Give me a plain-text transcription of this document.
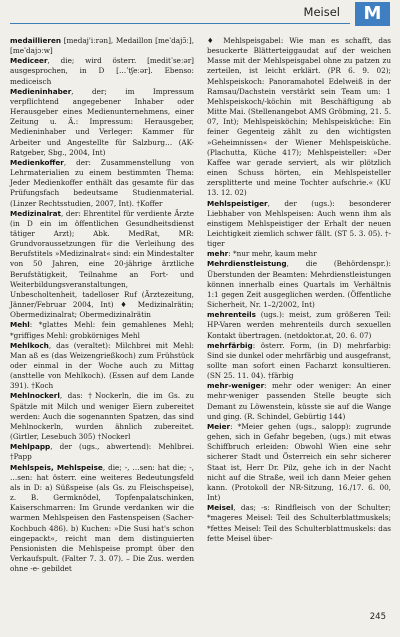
Meisel	M

medaillieren [medaj'iːrən], Medaillon [meˈdajɔ̃ː], [meˈdajɔːw]

Mediceer, die; wird österr. [meditˈseːər] ausgesprochen, in D […ˈtʃeːər]. Ebenso: mediceisch

Medieninhaber, der; im Impressum verpflichtend angegebener Inhaber oder Herausgeber eines Medienunternehmens, einer Zeitung u. Ä.: Impressum: Herausgeber, Medieninhaber und Verleger: Kammer für Arbeiter und Angestellte für Salzburg… (AK-Ratgeber, Sbg., 2004, Int)

Medienkoffer, der: Zusammenstellung von Lehrmaterialien zu einem bestimmten Thema: Jeder Medienkoffer enthält das gesamte für das Prüfungsfach bedeutsame Studienmaterial. (Linzer Rechtsstudien, 2007, Int). †Koffer

Medizinalrat, der: Ehrentitel für verdiente Ärzte (in D ein im öffentlichen Gesundheitsdienst tätiger Arzt); Abk. MedRat, MR: Grundvoraussetzungen für die Verleihung des Berufstitels »Medizinalrat« sind: ein Mindestalter von 50 Jahren, eine 20-jährige ärztliche Berufstätigkeit, Teilnahme an Fort- und Weiterbildungsveranstaltungen, Unbescholtenheit, tadelloser Ruf (Ärztezeitung, Jänner/Februar 2004, Int) ♦ Medizinalrätin; Obermedizinalrat; Obermedizinalrätin

Mehl: *glattes Mehl: fein gemahlenes Mehl; *griffiges Mehl: grobkörniges Mehl

Mehlkoch, das (veraltet): Milchbrei mit Mehl: Man aß es (das Weizengrießkoch) zum Frühstück oder einmal in der Woche auch zu Mittag (ansttelle von Mehlkoch). (Essen auf dem Lande 391). †Koch

Mehlnockerl, das: †Nockerln, die im Gs. zu Spätzle mit Milch und weniger Eiern zubereitet werden: Auch die sogenannten Spatzen, das sind Mehlnockerln, wurden ähnlich zubereitet. (Girtler, Lesebuch 305) †Nockerl

Mehlpapp, der (ugs., abwertend): Mehlbrei. †Papp

Mehlspeis, Mehlspeise, die; -, …sen: hat die; -, …sen: hat österr. eine weiteres Bedeutungsfeld als in D: a) Süßspeise (als Gs. zu Fleischspeise), z. B. Germknödel, Topfenpalatschinken, Kaiserschmarren: Im Grunde verdanken wir die warmen Mehlspeisen den Fastenspeisen (Sacher-Kochbuch 486). b) Kuchen: »Die Susi hat's schon eingepackt«, reicht man dem distinguierten Pensionisten die Mehlspeise prompt über den Verkaufspult. (Falter 7. 3. 07). – Die Zus. werden ohne -e- gebildet

♦ Mehlspeisgabel: Wie man es schafft, das besuckerte Blätterteiggaudat auf der weichen Masse mit der Mehlspeisgabel ohne zu patzen zu zerteilen, ist leicht erklärt. (PR 6. 9. 02); Mehlspeiskoch: Panoramahotel Edelweiß in der Ramsau/Dachstein verstärkt sein Team um: 1 Mehlspeiskoch/-köchin mit Beschäftigung ab Mitte Mai. (Stellenangebot AMS Gröbming, 21. 5. 07, Int); Mehlspeisköchin; Mehlspeisküche: Ein feiner Gegenteig zählt zu den wichtigsten »Geheimnissen« der Wiener Mehlspeisküche. (Plachutta, Küche 417); Mehlspeisteller: »Der Kaffee war gerade serviert, als wir plötzlich einen Schuss hörten, ein Mehlspeisteller zersplitterte und meine Tochter aufschrie.« (KU 13. 12. 02)

Mehlspeistiger, der (ugs.): besonderer Liebhaber von Mehlspeisen: Auch wenn ihm als einstigem Mehlspeistiger der Erhalt der neuen Leichtigkeit ziemlich schwer fällt. (ST 5. 3. 05). †-tiger

mehr: *nur mehr, kaum mehr

Mehrdienstleistung, die (Behördenspr.): Überstunden der Beamten: Mehrdienstleistungen können innerhalb eines Quartals im Verhältnis 1:1 gegen Zeit ausgeglichen werden. (Öffentliche Sicherheit, Nr. 1–2/2002, Int)

mehrenteils (ugs.): meist, zum größeren Teil: HP-Varen werden mehrenteils durch sexuellen Kontakt übertragen. (netdoktor.at, 20. 6. 07)

mehrfärbig: österr. Form, (in D) mehrfarbig: Sind sie dunkel oder mehrfärbig und ausgefranst, sollte man sofort einen Facharzt konsultieren. (SN 25. 11. 04). †färbig

mehr-weniger: mehr oder weniger: An einer mehr-weniger passenden Stelle beugte sich Demant zu Löwenstein, küsste sie auf die Wange und ging. (R. Schindel, Gebürtig 144)

Meier: *Meier gehen (ugs., salopp): zugrunde gehen, sich in Gefahr begeben, (ugs.) mit etwas Schiffbruch erleiden: Obwohl Wien eine sehr sicherer Stadt und Österreich ein sehr sicherer Staat ist, Herr Dr. Pilz, gehe ich in der Nacht nicht auf die Straße, weil ich dann Meier gehen kann. (Protokoll der NR-Sitzung, 16./17. 6. 00, Int)

Meisel, das; -s: Rindfleisch von der Schulter; *mageres Meisel: Teil des Schulterblattmuskels; *fettes Meisel: Teil des Schulterblattmuskels: das fette Meisel über-

245
